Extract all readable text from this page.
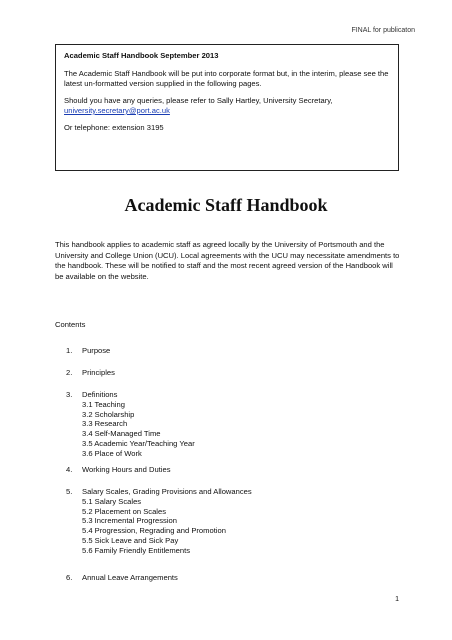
FINAL for publicaton
Academic Staff Handbook September 2013

The Academic Staff Handbook will be put into corporate format but, in the interim, please see the latest un-formatted version supplied in the following pages.

Should you have any queries, please refer to Sally Hartley, University Secretary,
university.secretary@port.ac.uk

Or telephone: extension 3195

Academic Staff Handbook

This handbook applies to academic staff as agreed locally by the University of Portsmouth and the University and College Union (UCU). Local agreements with the UCU may necessitate amendments to the handbook. These will be notified to staff and the most recent agreed version of the Handbook will be available on the website.

Contents
1. Purpose
2. Principles
3. Definitions
3.1 Teaching
3.2 Scholarship
3.3 Research
3.4 Self-Managed Time
3.5 Academic Year/Teaching Year
3.6 Place of Work
4. Working Hours and Duties
5. Salary Scales, Grading Provisions and Allowances
5.1 Salary Scales
5.2 Placement on Scales
5.3 Incremental Progression
5.4 Progression, Regrading and Promotion
5.5 Sick Leave and Sick Pay
5.6 Family Friendly Entitlements
6. Annual Leave Arrangements
1
